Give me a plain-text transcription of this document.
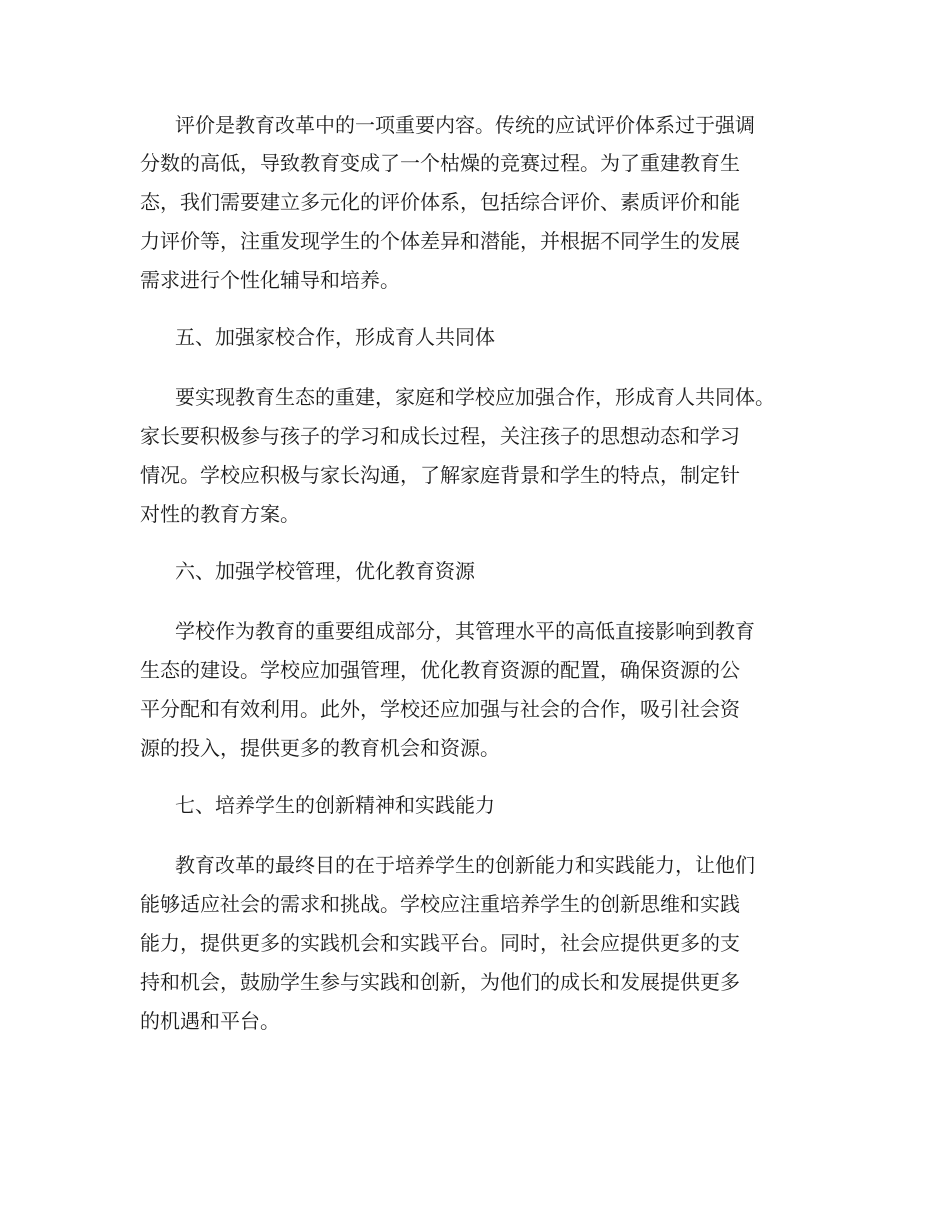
评价是教育改革中的一项重要内容。传统的应试评价体系过于强调
分数的高低，导致教育变成了一个枯燥的竞赛过程。为了重建教育生
态，我们需要建立多元化的评价体系，包括综合评价、素质评价和能
力评价等，注重发现学生的个体差异和潜能，并根据不同学生的发展
需求进行个性化辅导和培养。
五、加强家校合作，形成育人共同体
要实现教育生态的重建，家庭和学校应加强合作，形成育人共同体。
家长要积极参与孩子的学习和成长过程，关注孩子的思想动态和学习
情况。学校应积极与家长沟通，了解家庭背景和学生的特点，制定针
对性的教育方案。
六、加强学校管理，优化教育资源
学校作为教育的重要组成部分，其管理水平的高低直接影响到教育
生态的建设。学校应加强管理，优化教育资源的配置，确保资源的公
平分配和有效利用。此外，学校还应加强与社会的合作，吸引社会资
源的投入，提供更多的教育机会和资源。
七、培养学生的创新精神和实践能力
教育改革的最终目的在于培养学生的创新能力和实践能力，让他们
能够适应社会的需求和挑战。学校应注重培养学生的创新思维和实践
能力，提供更多的实践机会和实践平台。同时，社会应提供更多的支
持和机会，鼓励学生参与实践和创新，为他们的成长和发展提供更多
的机遇和平台。
